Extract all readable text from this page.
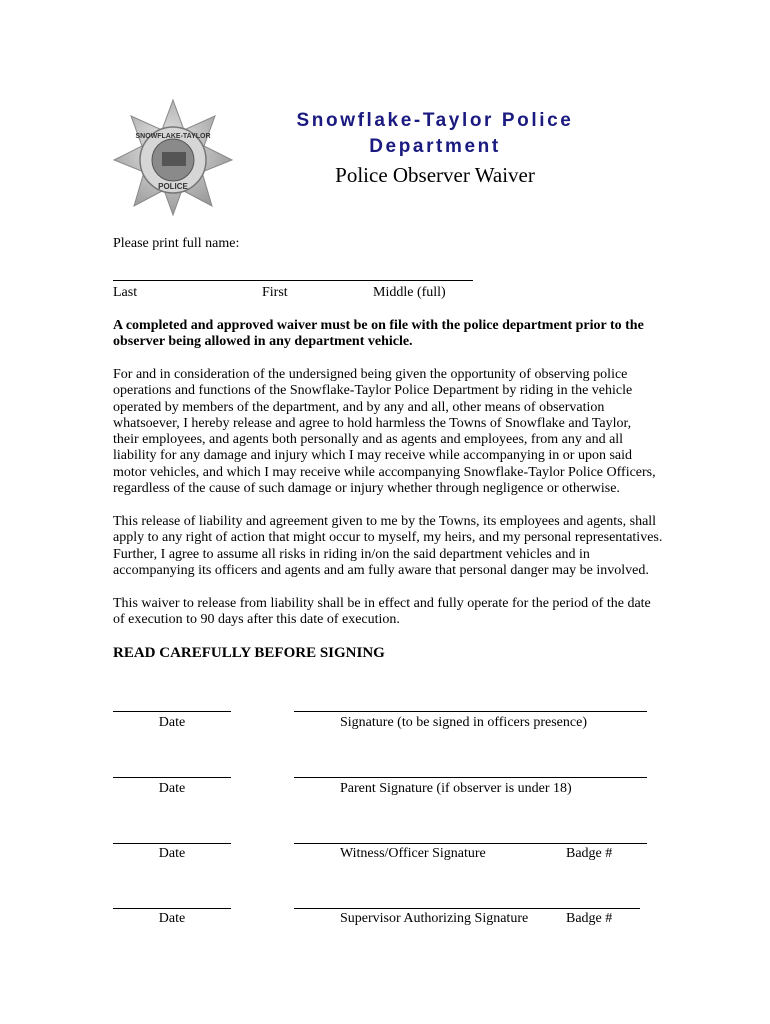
SNOWFLAKE-TAYLOR
POLICE
Snowflake-Taylor Police
Department
Police Observer Waiver
Please print full name:
Last	First	Middle (full)
A completed and approved waiver must be on file with the police department prior to the
observer being allowed in any department vehicle.
For and in consideration of the undersigned being given the opportunity of observing police
operations and functions of the Snowflake-Taylor Police Department by riding in the vehicle
operated by members of the department, and by any and all, other means of observation
whatsoever, I hereby release and agree to hold harmless the Towns of Snowflake and Taylor,
their employees, and agents both personally and as agents and employees, from any and all
liability for any damage and injury which I may receive while accompanying in or upon said
motor vehicles, and which I may receive while accompanying Snowflake-Taylor Police Officers,
regardless of the cause of such damage or injury whether through negligence or otherwise.
This release of liability and agreement given to me by the Towns, its employees and agents, shall
apply to any right of action that might occur to myself, my heirs, and my personal representatives.
Further, I agree to assume all risks in riding in/on the said department vehicles and in
accompanying its officers and agents and am fully aware that personal danger may be involved.
This waiver to release from liability shall be in effect and fully operate for the period of the date
of execution to 90 days after this date of execution.
READ CAREFULLY BEFORE SIGNING
Date	Signature (to be signed in officers presence)
Date	Parent Signature (if observer is under 18)
Date	Witness/Officer Signature	Badge #
Date	Supervisor Authorizing Signature	Badge #
